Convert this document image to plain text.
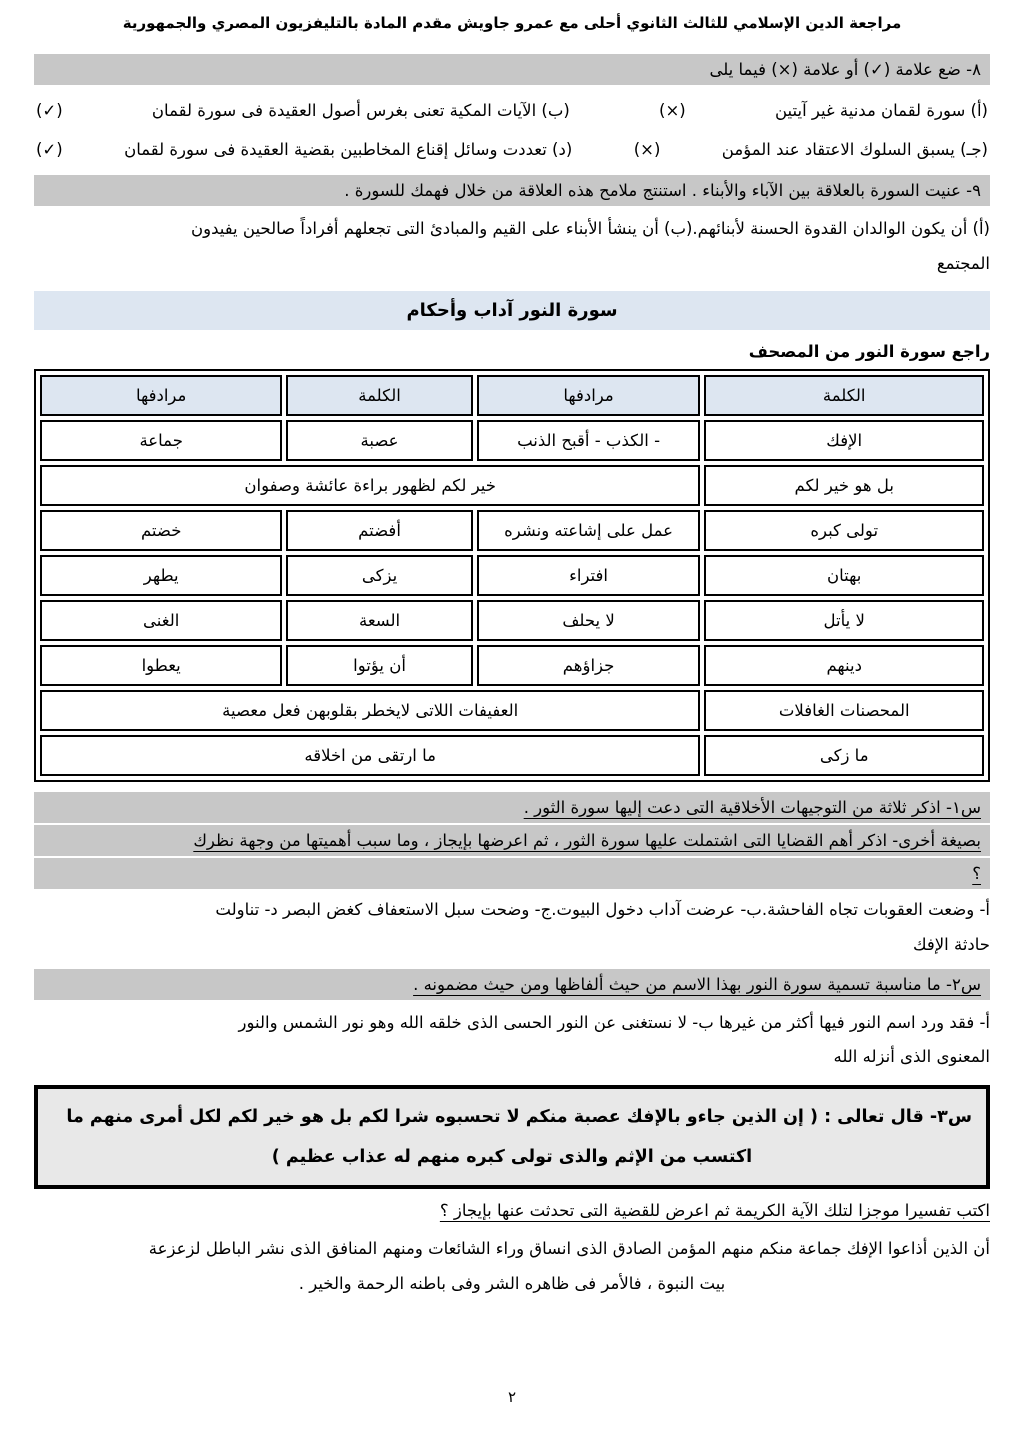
مراجعة الدين الإسلامي للثالث الثانوي أحلى مع عمرو جاويش مقدم المادة بالتليفزيون المصري والجمهورية
٨- ضع علامة (✓) أو علامة (×) فيما يلى
(أ) سورة لقمان مدنية غير آيتين
(×)
(ب) الآيات المكية تعنى بغرس أصول العقيدة فى سورة لقمان
(✓)
(جـ) يسبق السلوك الاعتقاد عند المؤمن
(×)
(د) تعددت وسائل إقناع المخاطبين بقضية العقيدة فى سورة لقمان
(✓)
٩- عنيت السورة بالعلاقة بين الآباء والأبناء . استنتج ملامح هذه العلاقة من خلال فهمك للسورة .
(أ) أن يكون الوالدان القدوة الحسنة لأبنائهم.(ب) أن ينشأ الأبناء على القيم والمبادئ التى تجعلهم أفراداً صالحين يفيدون
المجتمع
سورة النور آداب وأحكام
راجع سورة النور من المصحف
الكلمة	مرادفها	الكلمة	مرادفها
الإفك	- الكذب - أقبح الذنب	عصبة	جماعة
بل هو خير لكم	خير لكم لظهور براءة عائشة وصفوان		
تولى كبره	عمل على إشاعته ونشره	أفضتم	خضتم
بهتان	افتراء	يزكى	يطهر
لا يأتل	لا يحلف	السعة	الغنى
دينهم	جزاؤهم	أن يؤتوا	يعطوا
المحصنات الغافلات	العفيفات اللاتى لايخطر بقلوبهن فعل معصية		
ما زكى	ما ارتقى من اخلاقه		
س١- اذكر ثلاثة من التوجيهات الأخلاقية التى دعت إليها سورة الثور .
بصيغة أخرى- اذكر أهم القضايا التى اشتملت عليها سورة الثور ، ثم اعرضها بإيجاز ، وما سبب أهميتها من وجهة نظرك
؟
أ- وضعت العقوبات تجاه الفاحشة.ب- عرضت آداب دخول البيوت.ج- وضحت سبل الاستعفاف كغض البصر د- تناولت
حادثة الإفك
س٢- ما مناسبة تسمية سورة النور بهذا الاسم من حيث ألفاظها ومن حيث مضمونه .
أ- فقد ورد اسم النور فيها أكثر من غيرها ب- لا نستغنى عن النور الحسى الذى خلقه الله وهو نور الشمس والنور
المعنوى الذى أنزله الله
س٣- قال تعالى : ( إن الذين جاءو بالإفك عصبة منكم لا تحسبوه شرا لكم بل هو خير لكم لكل أمرى منهم ما
اكتسب من الإثم والذى تولى كبره منهم له عذاب عظيم )
اكتب تفسيرا موجزا لتلك الآية الكريمة ثم اعرض للقضية التى تحدثت عنها بإيجاز ؟
أن الذين أذاعوا الإفك جماعة منكم منهم المؤمن الصادق الذى انساق وراء الشائعات ومنهم المنافق الذى نشر الباطل لزعزعة
بيت النبوة ، فالأمر فى ظاهره الشر وفى باطنه الرحمة والخير .
٢
